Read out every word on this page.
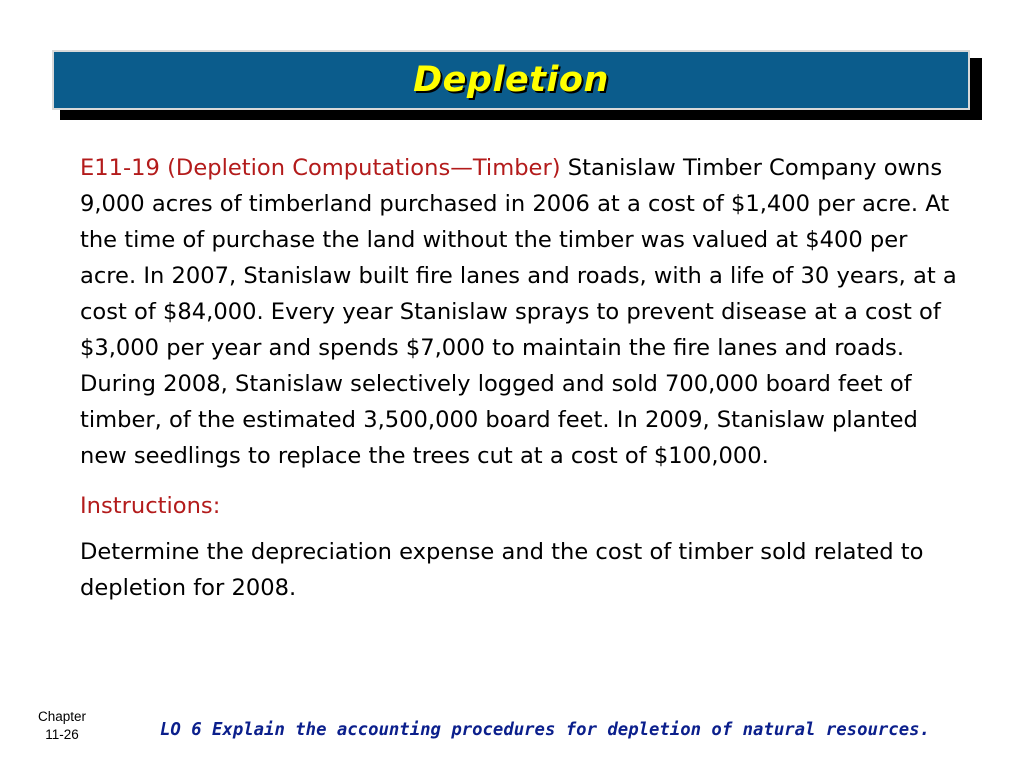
Depletion

E11-19 (Depletion Computations—Timber) Stanislaw Timber Company owns 9,000 acres of timberland purchased in 2006 at a cost of $1,400 per acre. At the time of purchase the land without the timber was valued at $400 per acre. In 2007, Stanislaw built fire lanes and roads, with a life of 30 years, at a cost of $84,000. Every year Stanislaw sprays to prevent disease at a cost of $3,000 per year and spends $7,000 to maintain the fire lanes and roads. During 2008, Stanislaw selectively logged and sold 700,000 board feet of timber, of the estimated 3,500,000 board feet. In 2009, Stanislaw planted new seedlings to replace the trees cut at a cost of $100,000.

Instructions:

Determine the depreciation expense and the cost of timber sold related to depletion for 2008.

Chapter
11-26	LO 6 Explain the accounting procedures for depletion of natural resources.
